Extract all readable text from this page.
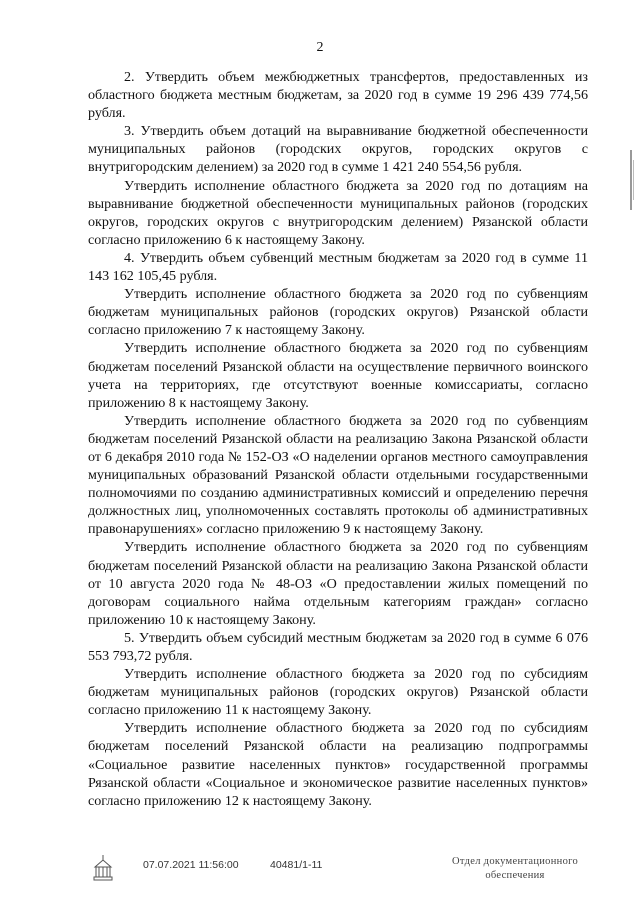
2

2. Утвердить объем межбюджетных трансфертов, предоставленных из областного бюджета местным бюджетам, за 2020 год в сумме 19 296 439 774,56 рубля.

3. Утвердить объем дотаций на выравнивание бюджетной обеспеченности муниципальных районов (городских округов, городских округов с внутригородским делением) за 2020 год в сумме 1 421 240 554,56 рубля.

Утвердить исполнение областного бюджета за 2020 год по дотациям на выравнивание бюджетной обеспеченности муниципальных районов (городских округов, городских округов с внутригородским делением) Рязанской области согласно приложению 6 к настоящему Закону.

4. Утвердить объем субвенций местным бюджетам за 2020 год в сумме 11 143 162 105,45 рубля.

Утвердить исполнение областного бюджета за 2020 год по субвенциям бюджетам муниципальных районов (городских округов) Рязанской области согласно приложению 7 к настоящему Закону.

Утвердить исполнение областного бюджета за 2020 год по субвенциям бюджетам поселений Рязанской области на осуществление первичного воинского учета на территориях, где отсутствуют военные комиссариаты, согласно приложению 8 к настоящему Закону.

Утвердить исполнение областного бюджета за 2020 год по субвенциям бюджетам поселений Рязанской области на реализацию Закона Рязанской области от 6 декабря 2010 года № 152-ОЗ «О наделении органов местного самоуправления муниципальных образований Рязанской области отдельными государственными полномочиями по созданию административных комиссий и определению перечня должностных лиц, уполномоченных составлять протоколы об административных правонарушениях» согласно приложению 9 к настоящему Закону.

Утвердить исполнение областного бюджета за 2020 год по субвенциям бюджетам поселений Рязанской области на реализацию Закона Рязанской области от 10 августа 2020 года № 48-ОЗ «О предоставлении жилых помещений по договорам социального найма отдельным категориям граждан» согласно приложению 10 к настоящему Закону.

5. Утвердить объем субсидий местным бюджетам за 2020 год в сумме 6 076 553 793,72 рубля.

Утвердить исполнение областного бюджета за 2020 год по субсидиям бюджетам муниципальных районов (городских округов) Рязанской области согласно приложению 11 к настоящему Закону.

Утвердить исполнение областного бюджета за 2020 год по субсидиям бюджетам поселений Рязанской области на реализацию подпрограммы «Социальное развитие населенных пунктов» государственной программы Рязанской области «Социальное и экономическое развитие населенных пунктов» согласно приложению 12 к настоящему Закону.

07.07.2021 11:56:00	40481/1-11	Отдел документационного
обеспечения
